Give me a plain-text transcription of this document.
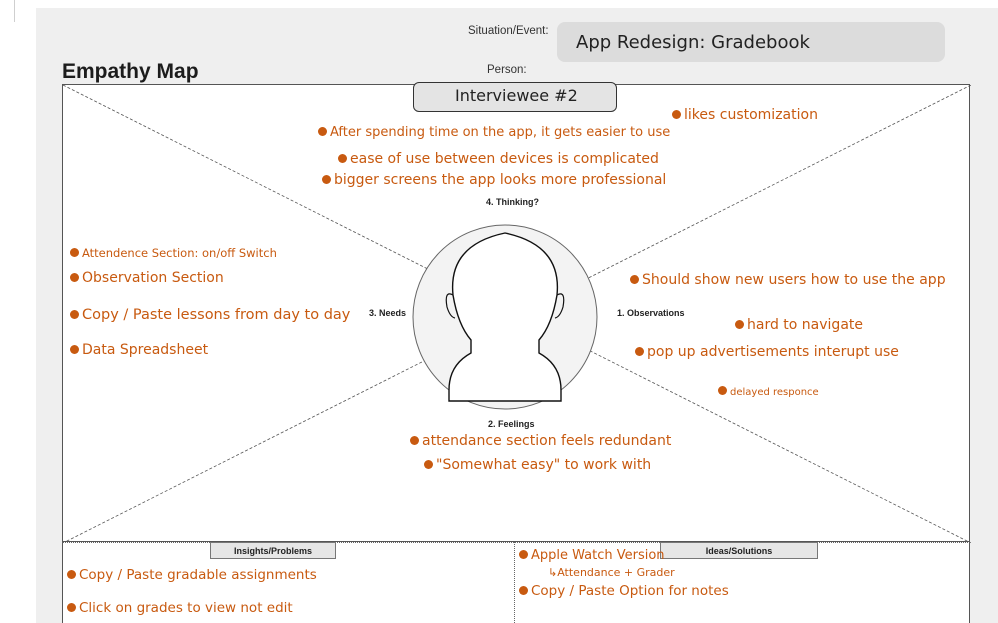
Empathy Map
Situation/Event:
App Redesign: Gradebook
Person:
Interviewee #2
4. Thinking?
3. Needs	1. Observations
2. Feelings
likes customization
After spending time on the app, it gets easier to use
ease of use between devices is complicated
bigger screens the app looks more professional
Attendence Section: on/off Switch
Observation Section
Copy / Paste lessons from day to day
Data Spreadsheet
Should show new users how to use the app
hard to navigate
pop up advertisements interupt use
delayed responce
attendance section feels redundant
"Somewhat easy" to work with
Insights/Problems	Ideas/Solutions
Copy / Paste gradable assignments
Click on grades to view not edit
Apple Watch Version
↳Attendance + Grader
Copy / Paste Option for notes
